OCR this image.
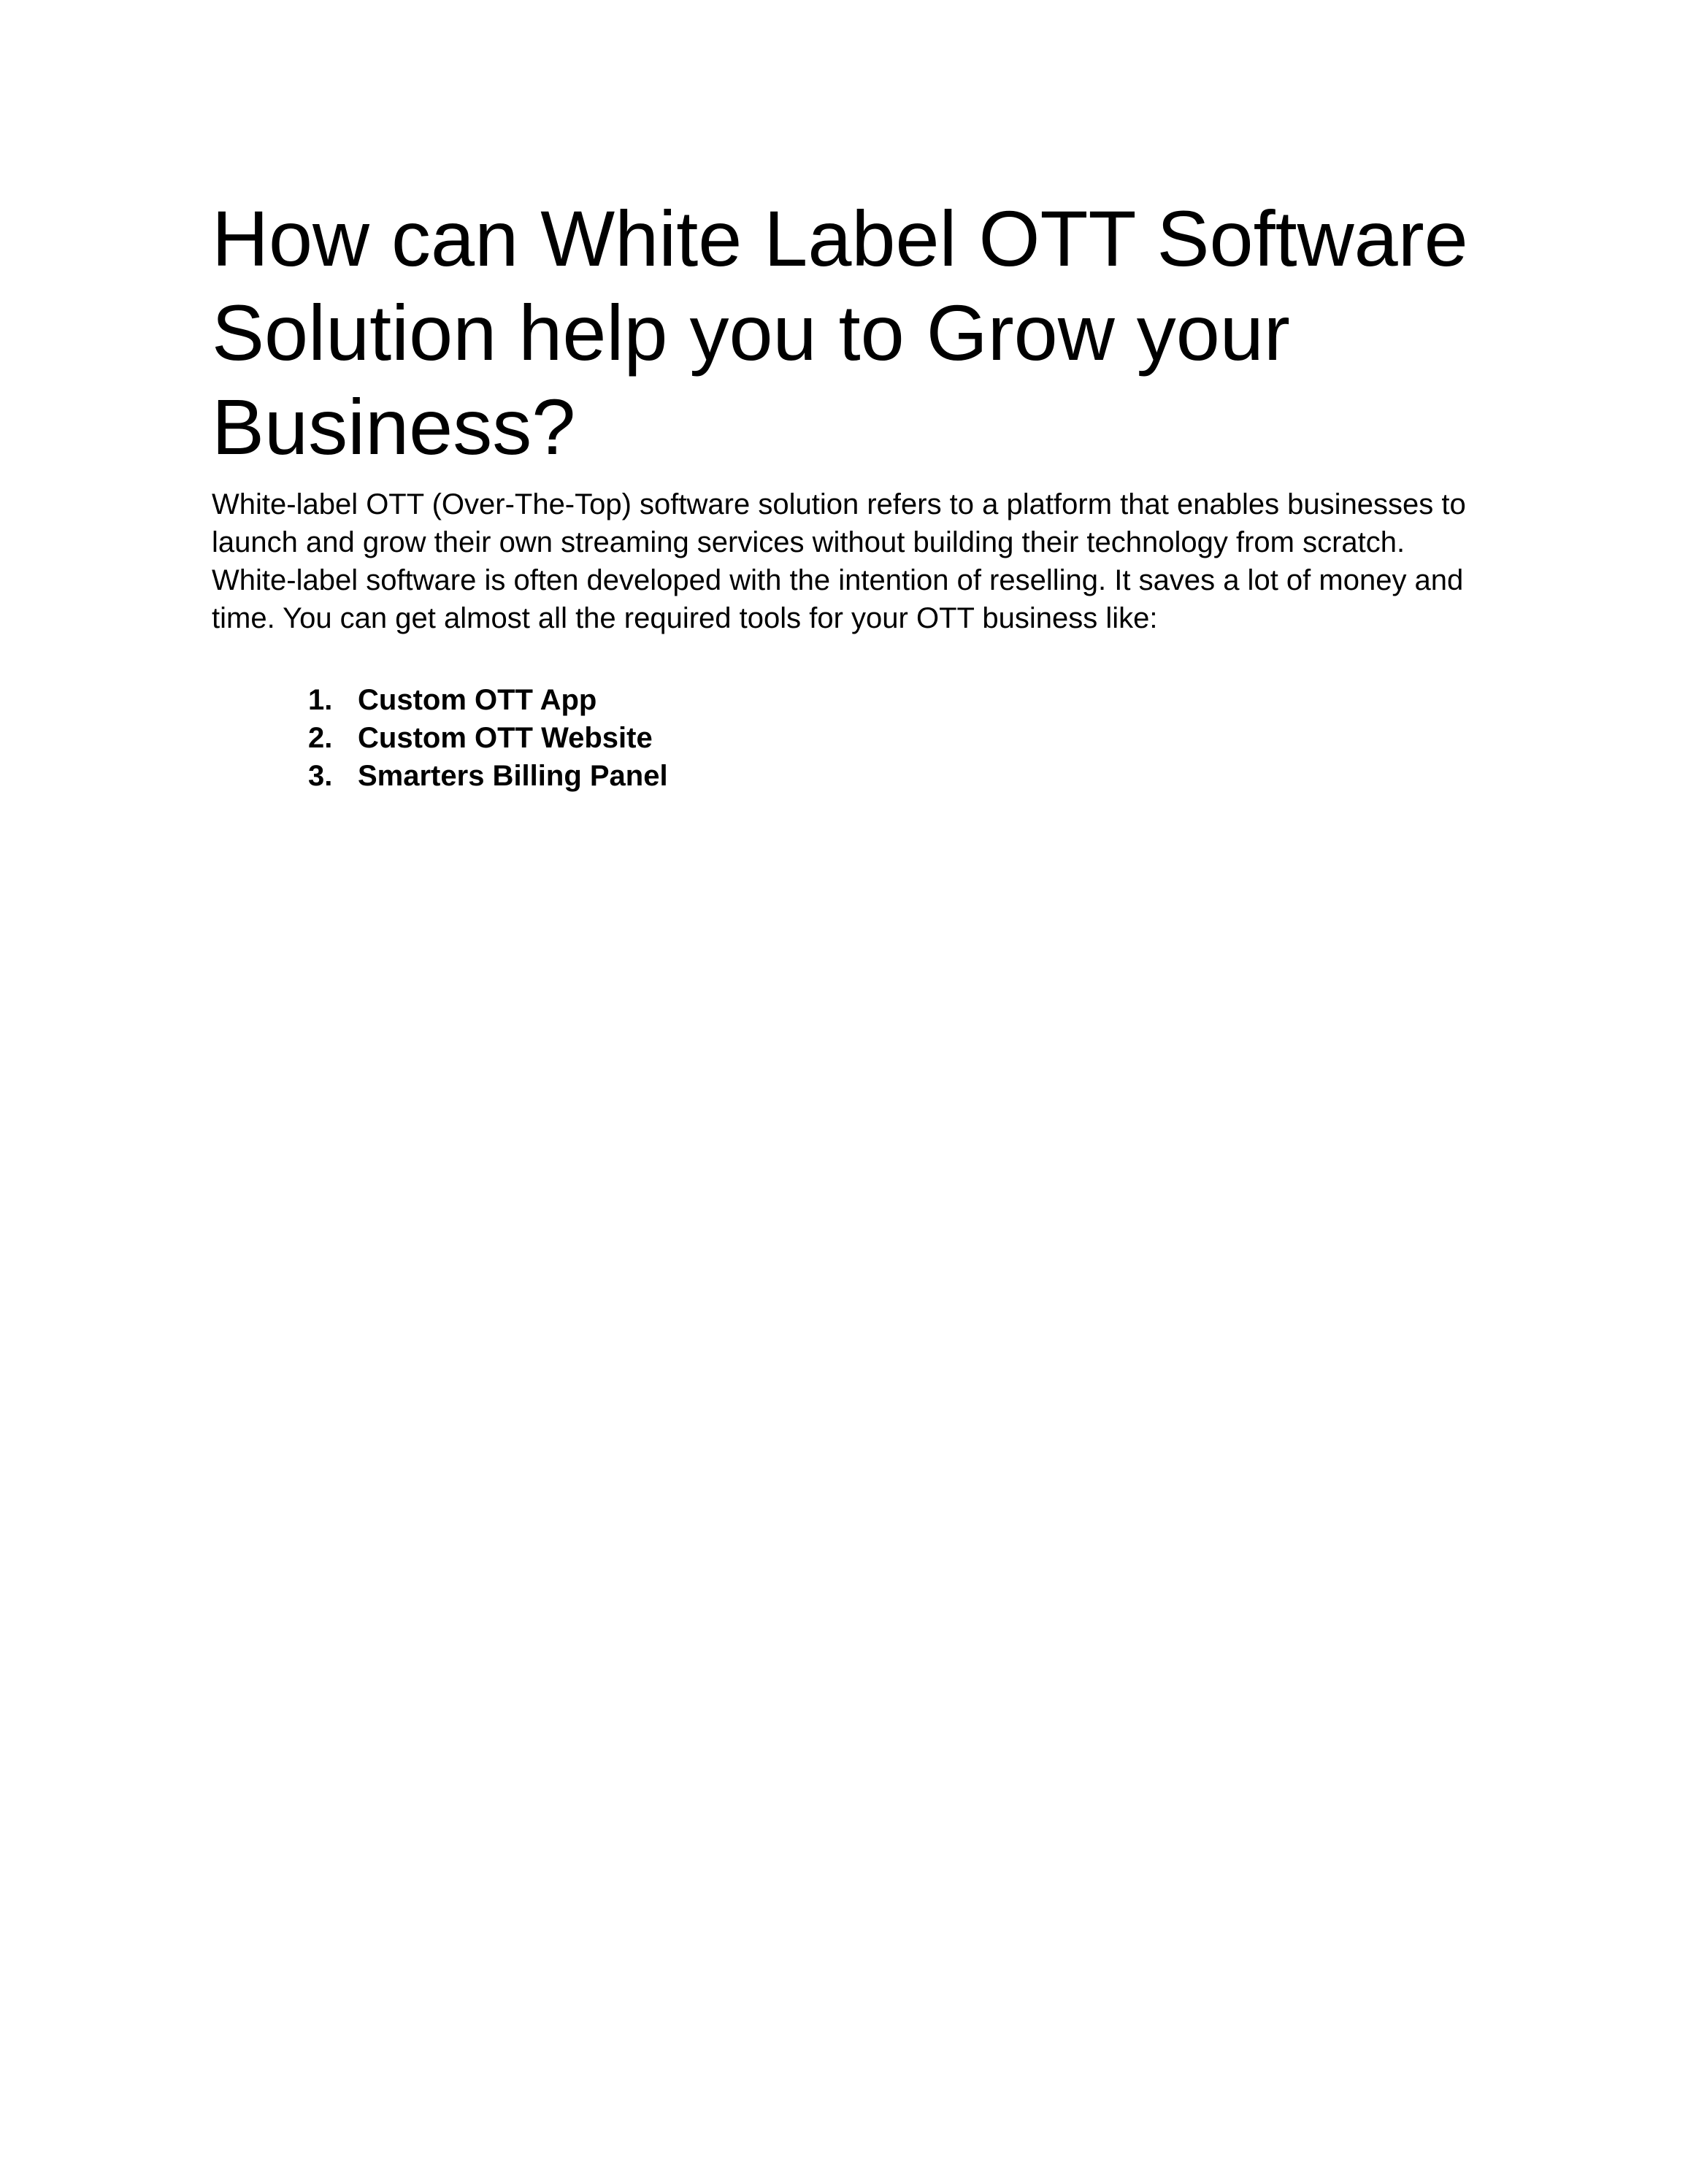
How can White Label OTT Software Solution help you to Grow your Business?

White-label OTT (Over-The-Top) software solution refers to a platform that enables businesses to launch and grow their own streaming services without building their technology from scratch. White-label software is often developed with the intention of reselling. It saves a lot of money and time. You can get almost all the required tools for your OTT business like:

1. Custom OTT App
2. Custom OTT Website
3. Smarters Billing Panel
